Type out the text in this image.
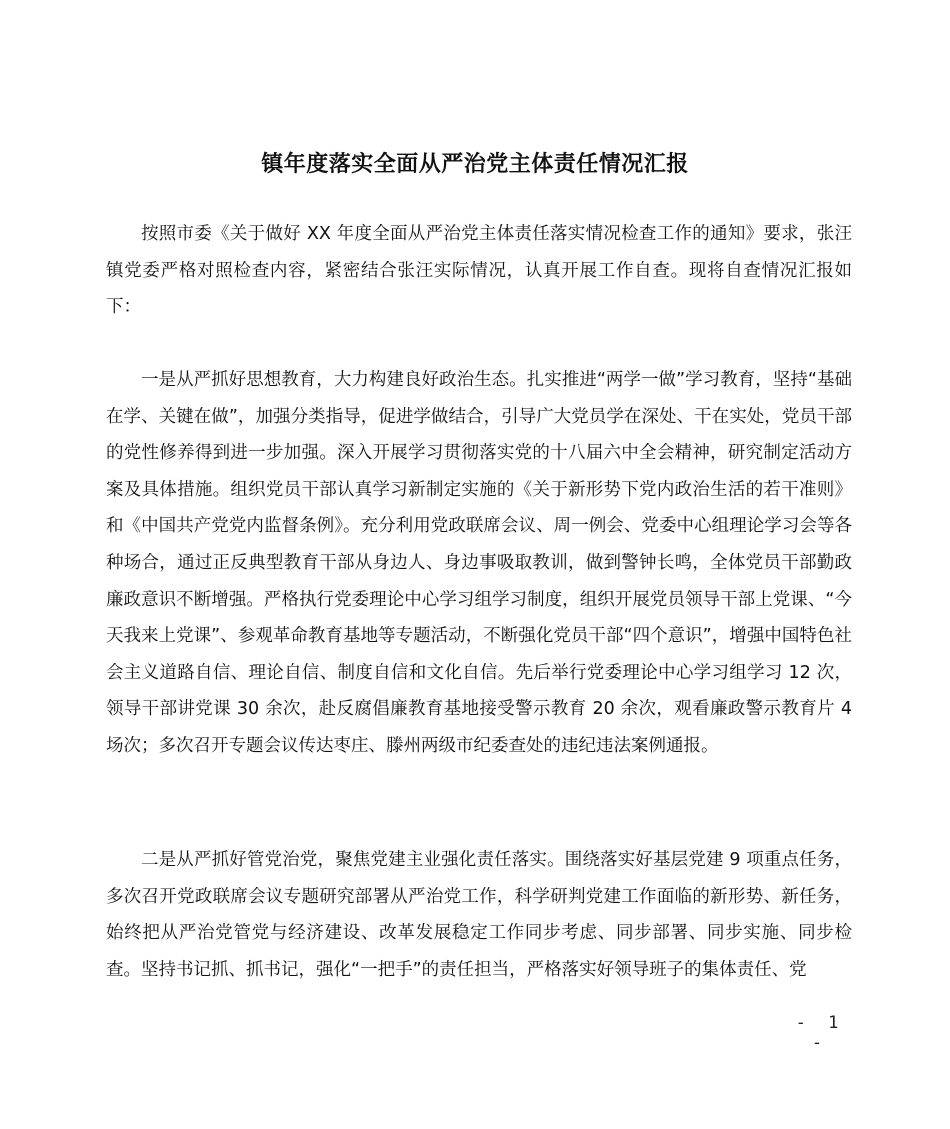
镇年度落实全面从严治党主体责任情况汇报

按照市委《关于做好 XX 年度全面从严治党主体责任落实情况检查工作的通知》要求，张汪镇党委严格对照检查内容，紧密结合张汪实际情况，认真开展工作自查。现将自查情况汇报如下：

一是从严抓好思想教育，大力构建良好政治生态。扎实推进“两学一做”学习教育，坚持“基础在学、关键在做”，加强分类指导，促进学做结合，引导广大党员学在深处、干在实处，党员干部的党性修养得到进一步加强。深入开展学习贯彻落实党的十八届六中全会精神，研究制定活动方案及具体措施。组织党员干部认真学习新制定实施的《关于新形势下党内政治生活的若干准则》和《中国共产党党内监督条例》。充分利用党政联席会议、周一例会、党委中心组理论学习会等各种场合，通过正反典型教育干部从身边人、身边事吸取教训，做到警钟长鸣，全体党员干部勤政廉政意识不断增强。严格执行党委理论中心学习组学习制度，组织开展党员领导干部上党课、“今天我来上党课”、参观革命教育基地等专题活动，不断强化党员干部“四个意识”，增强中国特色社会主义道路自信、理论自信、制度自信和文化自信。先后举行党委理论中心学习组学习 12 次，领导干部讲党课 30 余次，赴反腐倡廉教育基地接受警示教育 20 余次，观看廉政警示教育片 4 场次；多次召开专题会议传达枣庄、滕州两级市纪委查处的违纪违法案例通报。

二是从严抓好管党治党，聚焦党建主业强化责任落实。围绕落实好基层党建 9 项重点任务，多次召开党政联席会议专题研究部署从严治党工作，科学研判党建工作面临的新形势、新任务，始终把从严治党管党与经济建设、改革发展稳定工作同步考虑、同步部署、同步实施、同步检查。坚持书记抓、抓书记，强化“一把手”的责任担当，严格落实好领导班子的集体责任、党

- 1 -
